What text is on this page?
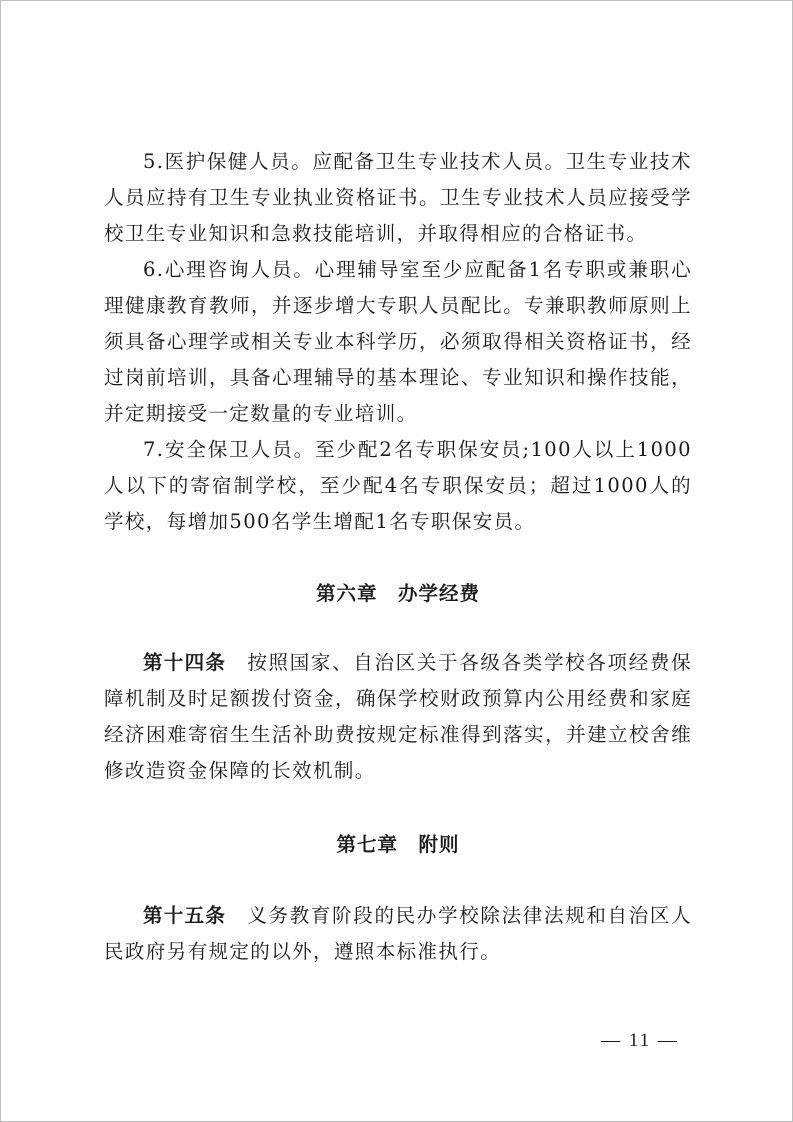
5.医护保健人员。应配备卫生专业技术人员。卫生专业技术人员应持有卫生专业执业资格证书。卫生专业技术人员应接受学校卫生专业知识和急救技能培训，并取得相应的合格证书。

6.心理咨询人员。心理辅导室至少应配备1名专职或兼职心理健康教育教师，并逐步增大专职人员配比。专兼职教师原则上须具备心理学或相关专业本科学历，必须取得相关资格证书，经过岗前培训，具备心理辅导的基本理论、专业知识和操作技能，并定期接受一定数量的专业培训。

7.安全保卫人员。至少配2名专职保安员;100人以上1000人以下的寄宿制学校，至少配4名专职保安员；超过1000人的学校，每增加500名学生增配1名专职保安员。

第六章　办学经费

第十四条　 按照国家、自治区关于各级各类学校各项经费保障机制及时足额拨付资金，确保学校财政预算内公用经费和家庭经济困难寄宿生生活补助费按规定标准得到落实，并建立校舍维修改造资金保障的长效机制。

第七章　附则

第十五条　 义务教育阶段的民办学校除法律法规和自治区人民政府另有规定的以外，遵照本标准执行。

— 11 —
